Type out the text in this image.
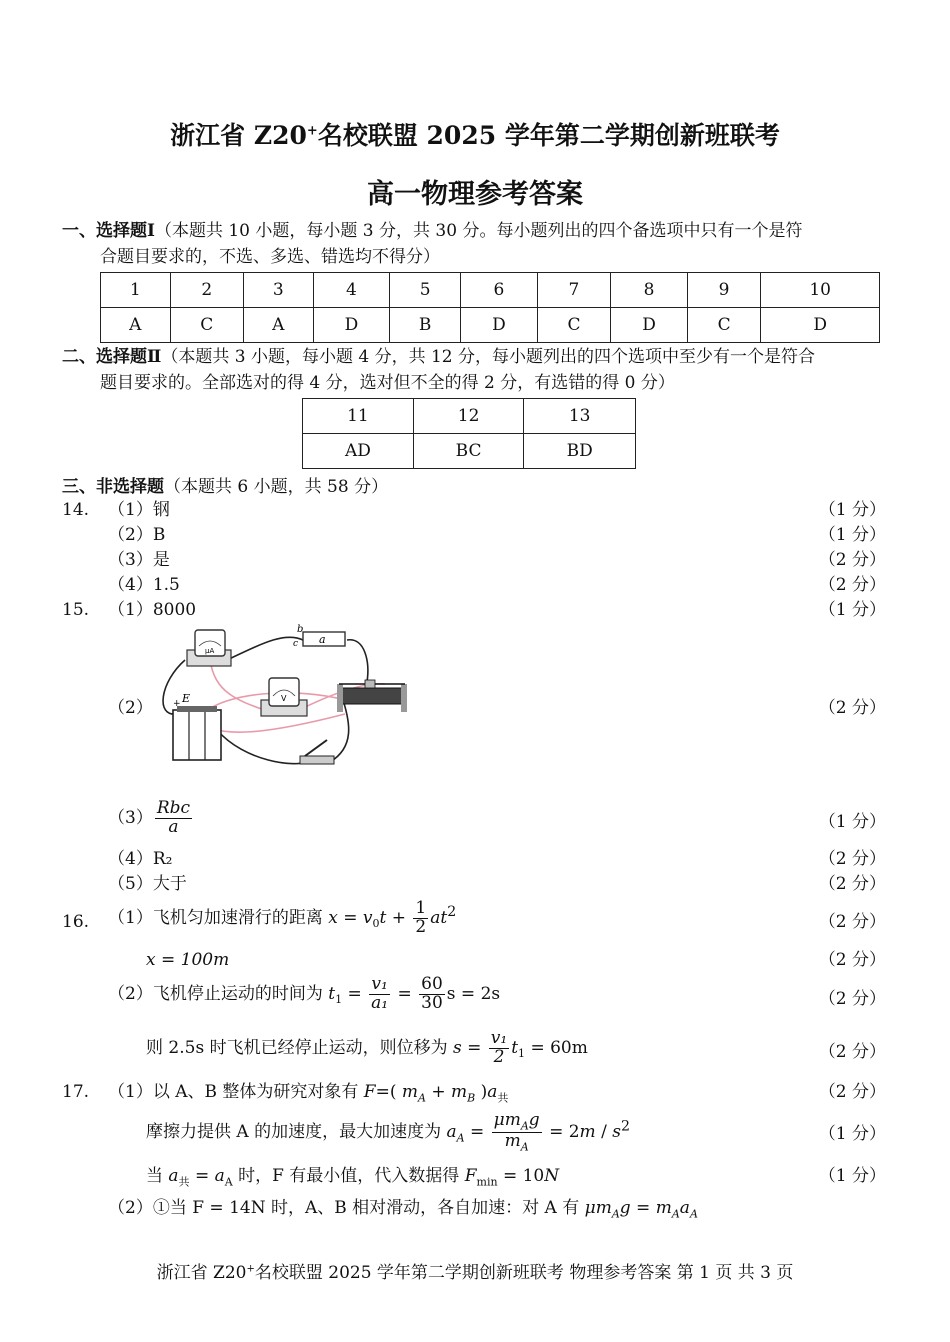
浙江省 Z20+名校联盟 2025 学年第二学期创新班联考
高一物理参考答案
一、选择题Ⅰ（本题共 10 小题，每小题 3 分，共 30 分。每小题列出的四个备选项中只有一个是符
合题目要求的，不选、多选、错选均不得分）
1	2	3	4	5	6	7	8	9	10
A	C	A	D	B	D	C	D	C	D
二、选择题Ⅱ（本题共 3 小题，每小题 4 分，共 12 分，每小题列出的四个选项中至少有一个是符合
题目要求的。全部选对的得 4 分，选对但不全的得 2 分，有选错的得 0 分）
11	12	13
AD	BC	BD
三、非选择题（本题共 6 小题，共 58 分）
14. （1）钢	（1 分）
（2）B	（1 分）
（3）是	（2 分）
（4）1.5	（2 分）
15. （1）8000	（1 分）
（2）	（2 分）
μA
V
a
b
c
+ E
$(3) \frac{\text{Rbc}}{a}$	（1 分）
（4）R₂	（2 分）
（5）大于	（2 分）
16. （1）飞机匀加速滑行的距离 $x = v_0t + \frac{1}{2} at^2$	（2 分）
x = 100m	（2 分）
（2）飞机停止运动的时间为 $t_1 = \frac{\text{v₁}}{\text{a₁}} = \frac{60}{30}$ s = 2s	（2 分）
则 2.5s 时飞机已经停止运动，则位移为 $s = \frac{\text{v₁}}{2} t_1 = 60m$	（2 分）
17. （1）以 A、B 整体为研究对象有 F=( $m_A + m_B$ )$a_共$	（2 分）
摩擦力提供 A 的加速度，最大加速度为 $a_A = \frac{\mu m_Ag}{m_A} = 2m / s^2$	（1 分）
当 $a_共 = a_A$ 时，F 有最小值，代入数据得 $F_{min} = 10N$	（1 分）
（2）①当 F = 14N 时，A、B 相对滑动，各自加速：对 A 有 $\mu m_Ag = m_Aa_A$
浙江省 Z20+名校联盟 2025 学年第二学期创新班联考 物理参考答案 第 1 页 共 3 页
